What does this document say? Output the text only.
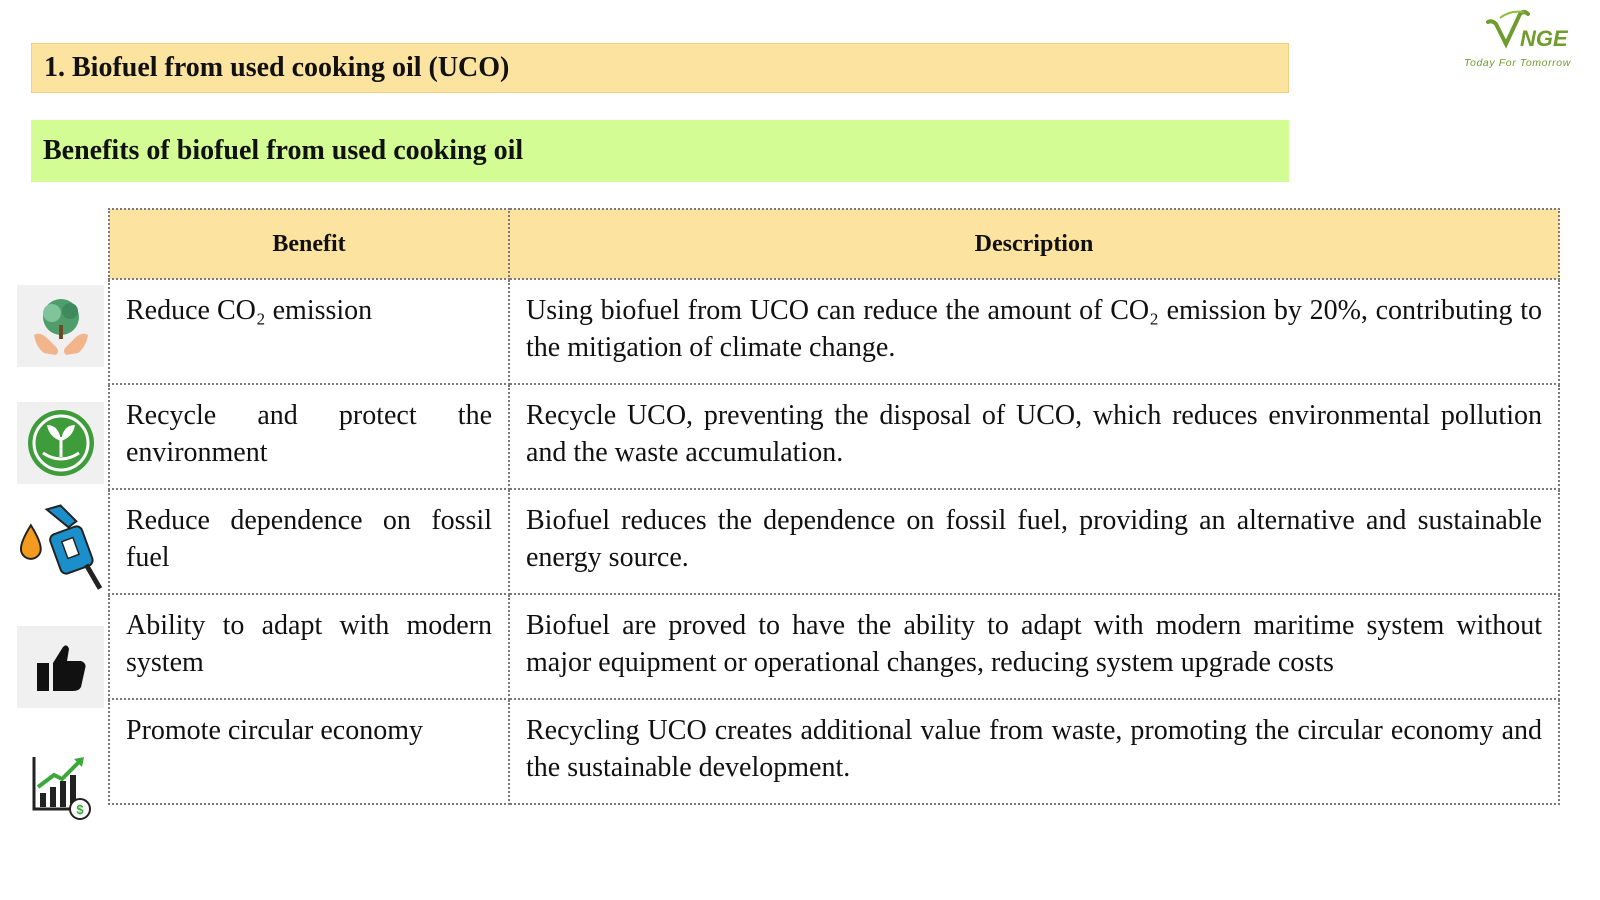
1. Biofuel from used cooking oil (UCO)
Benefits of biofuel from used cooking oil
NGE
Today For Tomorrow
$
Benefit	Description
Reduce CO₂ emission	Using biofuel from UCO can reduce the amount of CO₂ emission by 20%, contributing to the mitigation of climate change.
Recycle and protect the environment	Recycle UCO, preventing the disposal of UCO, which reduces environmental pollution and the waste accumulation.
Reduce dependence on fossil fuel	Biofuel reduces the dependence on fossil fuel, providing an alternative and sustainable energy source.
Ability to adapt with modern system	Biofuel are proved to have the ability to adapt with modern maritime system without major equipment or operational changes, reducing system upgrade costs
Promote circular economy	Recycling UCO creates additional value from waste, promoting the circular economy and the sustainable development.
